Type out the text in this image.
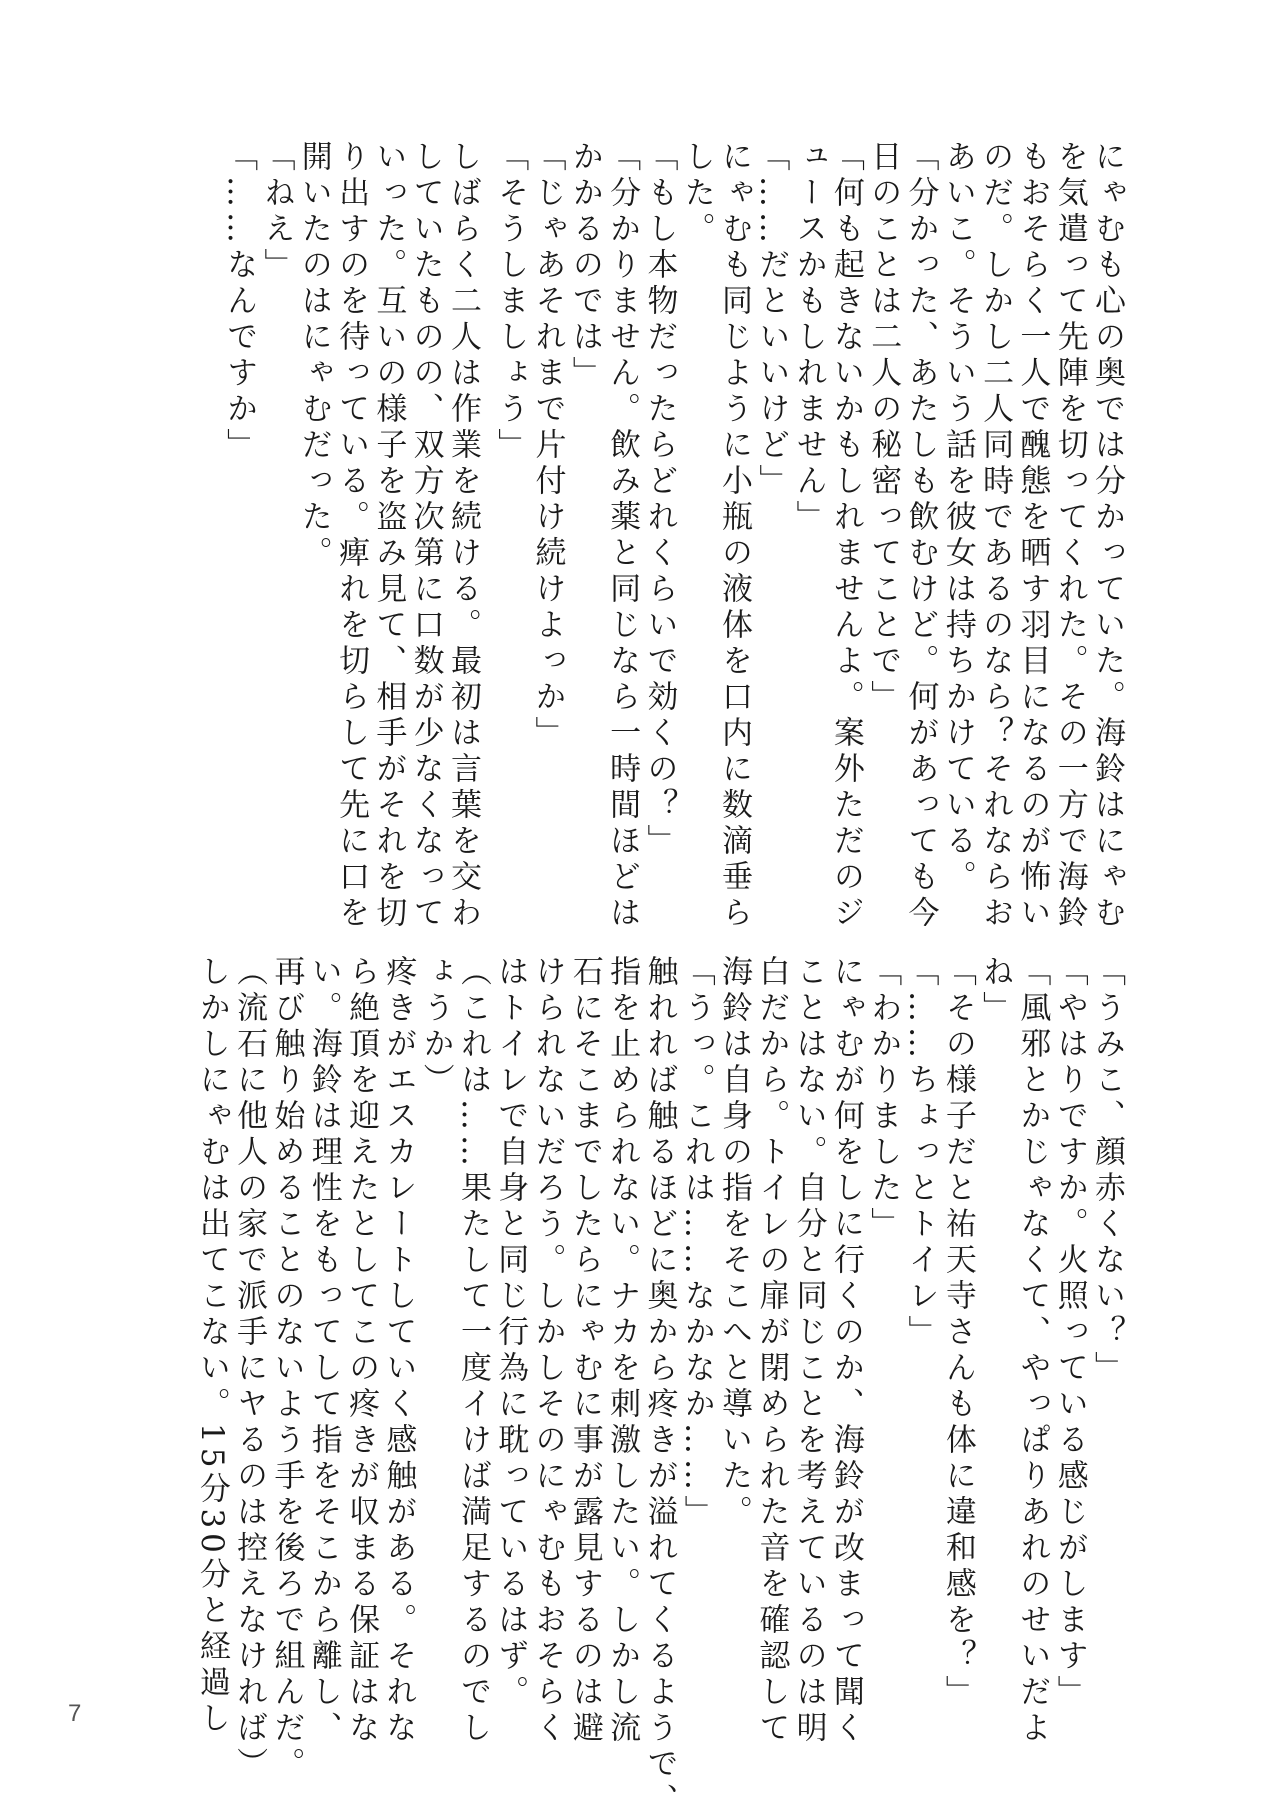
にゃむも心の奥では分かっていた。海鈴はにゃむ
を気遣って先陣を切ってくれた。その一方で海鈴
もおそらく一人で醜態を晒す羽目になるのが怖い
のだ。しかし二人同時であるのなら？それならお
あいこ。そういう話を彼女は持ちかけている。
「分かった、あたしも飲むけど。何があっても今
日のことは二人の秘密ってことで」
「何も起きないかもしれませんよ。案外ただのジ
ュースかもしれません」
「……だといいけど」
にゃむも同じように小瓶の液体を口内に数滴垂ら
した。
「もし本物だったらどれくらいで効くの？」
「分かりません。飲み薬と同じなら一時間ほどは
かかるのでは」
「じゃあそれまで片付け続けよっか」
「そうしましょう」
しばらく二人は作業を続ける。最初は言葉を交わ
していたものの、双方次第に口数が少なくなって
いった。互いの様子を盗み見て、相手がそれを切
り出すのを待っている。痺れを切らして先に口を
開いたのはにゃむだった。
「ねえ」
「……なんですか」
「うみこ、顔赤くない？」
「やはりですか。火照っている感じがします」
「風邪とかじゃなくて、やっぱりあれのせいだよ
ね」
「その様子だと祐天寺さんも体に違和感を？」
「……ちょっとトイレ」
「わかりました」
にゃむが何をしに行くのか、海鈴が改まって聞く
ことはない。自分と同じことを考えているのは明
白だから。トイレの扉が閉められた音を確認して
海鈴は自身の指をそこへと導いた。
「うっ。これは……なかなか……」
触れれば触るほどに奥から疼きが溢れてくるようで、
指を止められない。ナカを刺激したい。しかし流
石にそこまでしたらにゃむに事が露見するのは避
けられないだろう。しかしそのにゃむもおそらく
はトイレで自身と同じ行為に耽っているはず。
（これは……果たして一度イけば満足するのでし
ょうか）
疼きがエスカレートしていく感触がある。それな
ら絶頂を迎えたとしてこの疼きが収まる保証はな
い。海鈴は理性をもってして指をそこから離し、
再び触り始めることのないよう手を後ろで組んだ。
（流石に他人の家で派手にヤるのは控えなければ）
しかしにゃむは出てこない。15分30分と経過し
7
